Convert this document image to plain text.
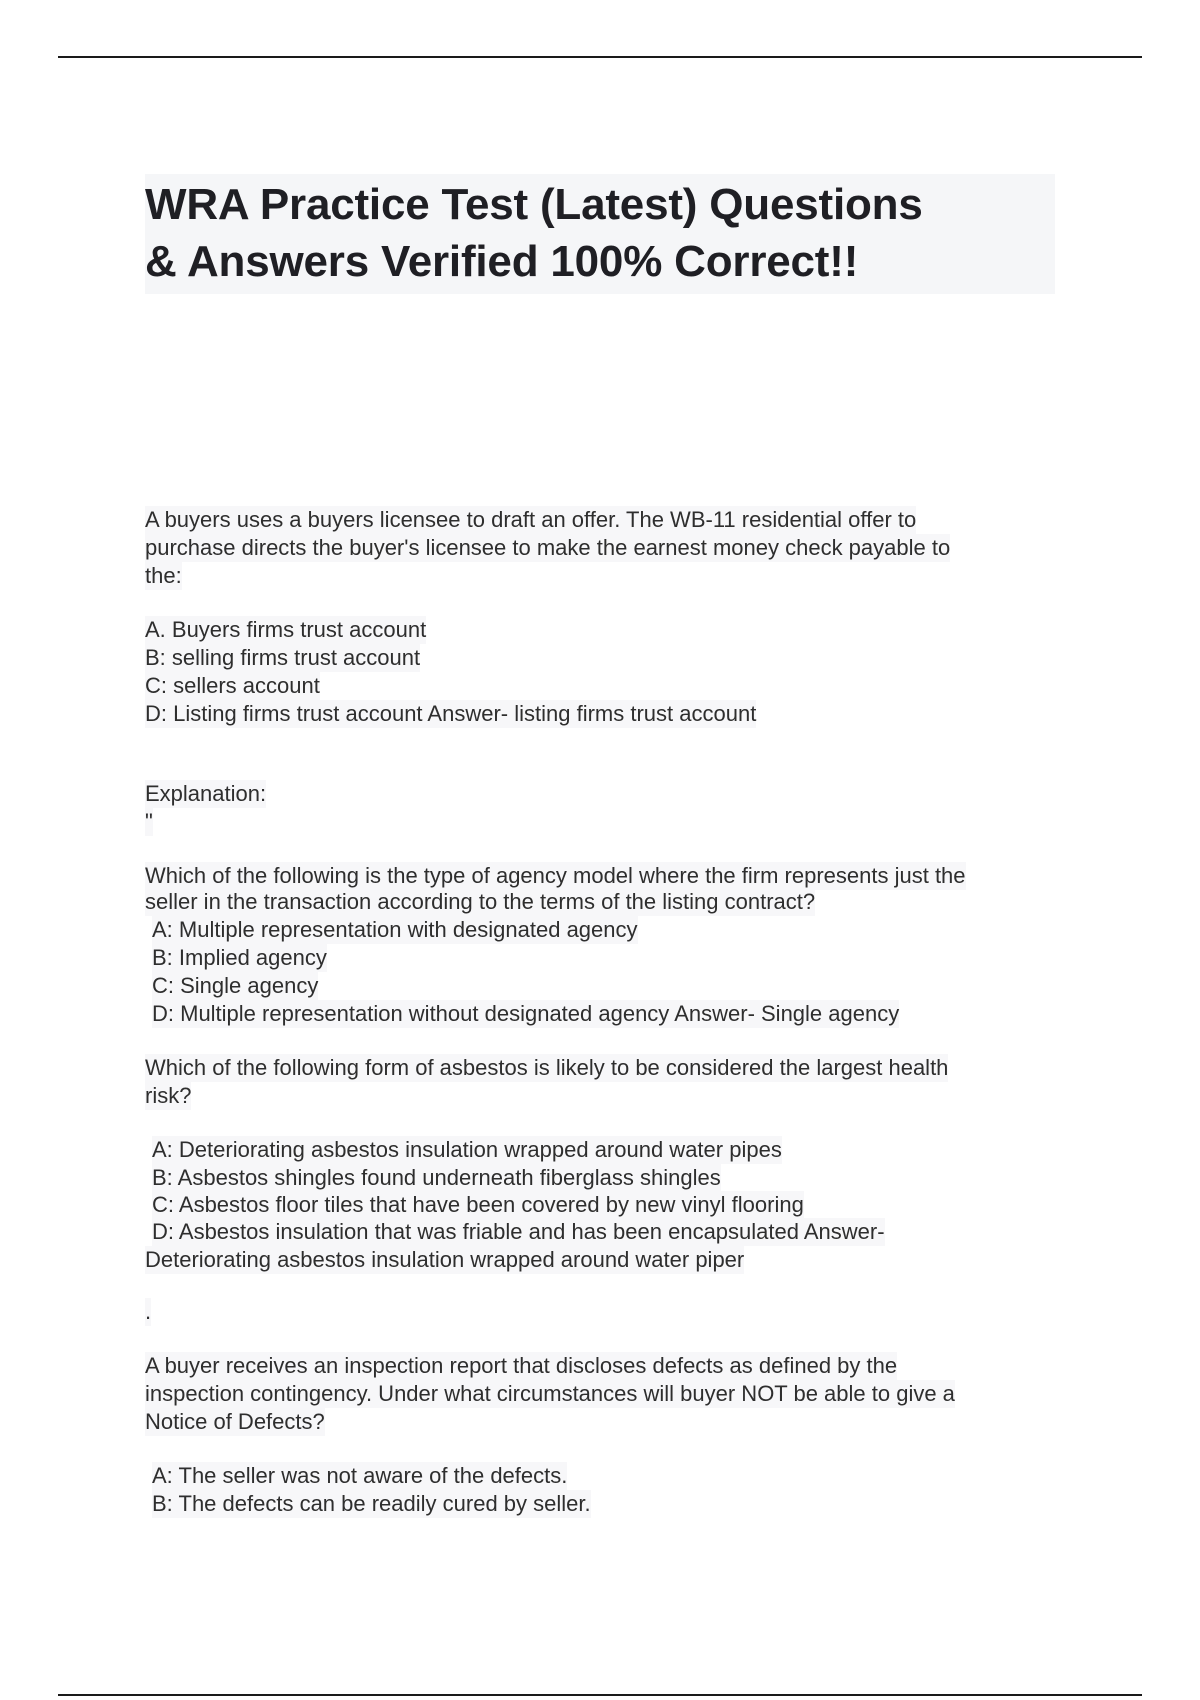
WRA Practice Test (Latest) Questions
& Answers Verified 100% Correct!!
A buyers uses a buyers licensee to draft an offer. The WB-11 residential offer to
purchase directs the buyer's licensee to make the earnest money check payable to
the:
A. Buyers firms trust account
B: selling firms trust account
C: sellers account
D: Listing firms trust account Answer- listing firms trust account
Explanation:
"
Which of the following is the type of agency model where the firm represents just the
seller in the transaction according to the terms of the listing contract?
A: Multiple representation with designated agency
B: Implied agency
C: Single agency
D: Multiple representation without designated agency Answer- Single agency
Which of the following form of asbestos is likely to be considered the largest health
risk?
A: Deteriorating asbestos insulation wrapped around water pipes
B: Asbestos shingles found underneath fiberglass shingles
C: Asbestos floor tiles that have been covered by new vinyl flooring
D: Asbestos insulation that was friable and has been encapsulated Answer-
Deteriorating asbestos insulation wrapped around water piper
.
A buyer receives an inspection report that discloses defects as defined by the
inspection contingency. Under what circumstances will buyer NOT be able to give a
Notice of Defects?
A: The seller was not aware of the defects.
B: The defects can be readily cured by seller.
